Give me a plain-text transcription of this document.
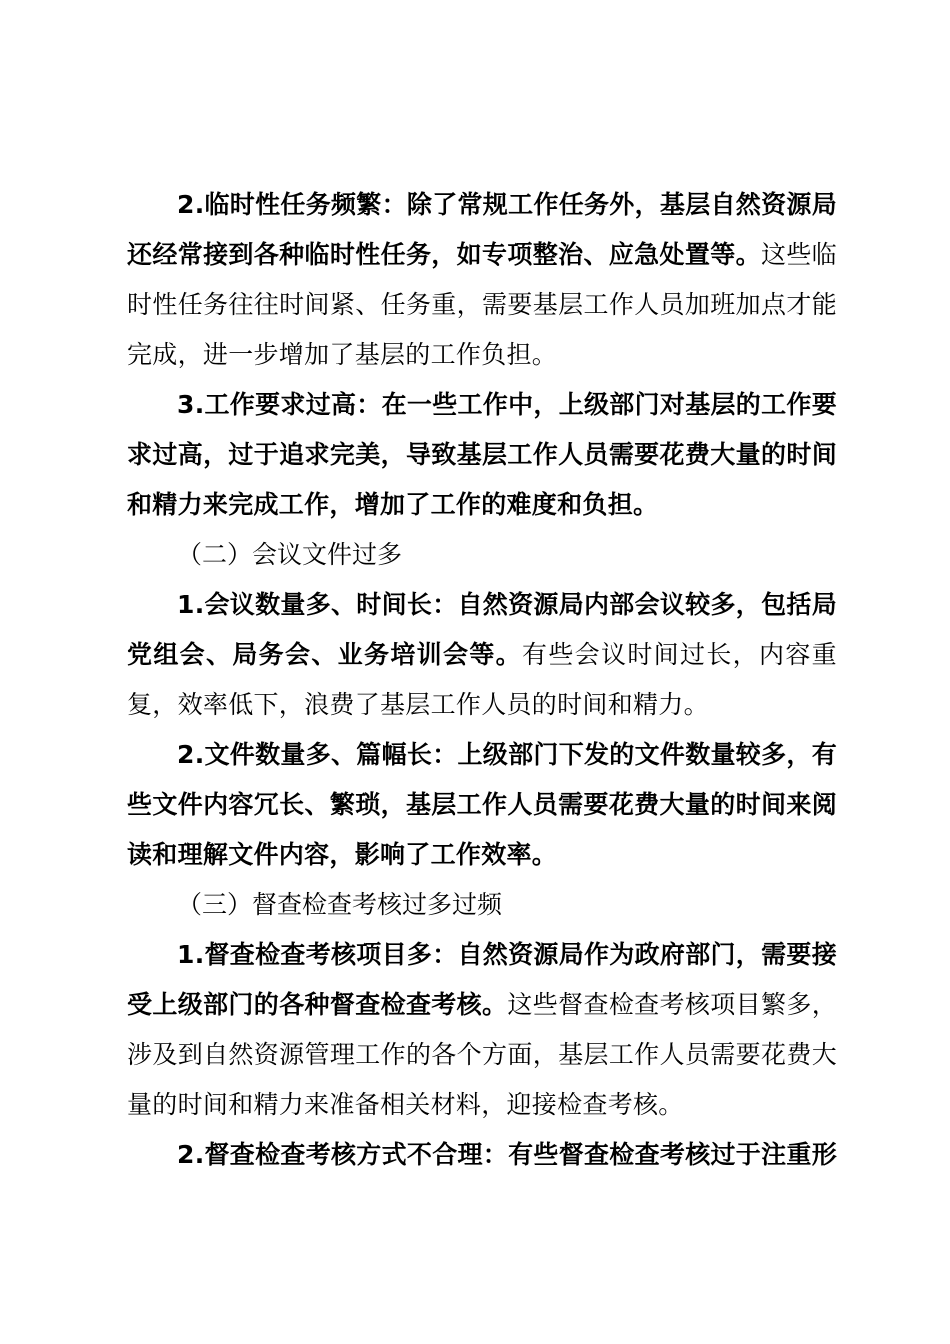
2.临时性任务频繁：除了常规工作任务外，基层自然资源局还经常接到各种临时性任务，如专项整治、应急处置等。这些临时性任务往往时间紧、任务重，需要基层工作人员加班加点才能完成，进一步增加了基层的工作负担。

3.工作要求过高：在一些工作中，上级部门对基层的工作要求过高，过于追求完美，导致基层工作人员需要花费大量的时间和精力来完成工作，增加了工作的难度和负担。

（二）会议文件过多

1.会议数量多、时间长：自然资源局内部会议较多，包括局党组会、局务会、业务培训会等。有些会议时间过长，内容重复，效率低下，浪费了基层工作人员的时间和精力。

2.文件数量多、篇幅长：上级部门下发的文件数量较多，有些文件内容冗长、繁琐，基层工作人员需要花费大量的时间来阅读和理解文件内容，影响了工作效率。

（三）督查检查考核过多过频

1.督查检查考核项目多：自然资源局作为政府部门，需要接受上级部门的各种督查检查考核。这些督查检查考核项目繁多，涉及到自然资源管理工作的各个方面，基层工作人员需要花费大量的时间和精力来准备相关材料，迎接检查考核。

2.督查检查考核方式不合理：有些督查检查考核过于注重形
